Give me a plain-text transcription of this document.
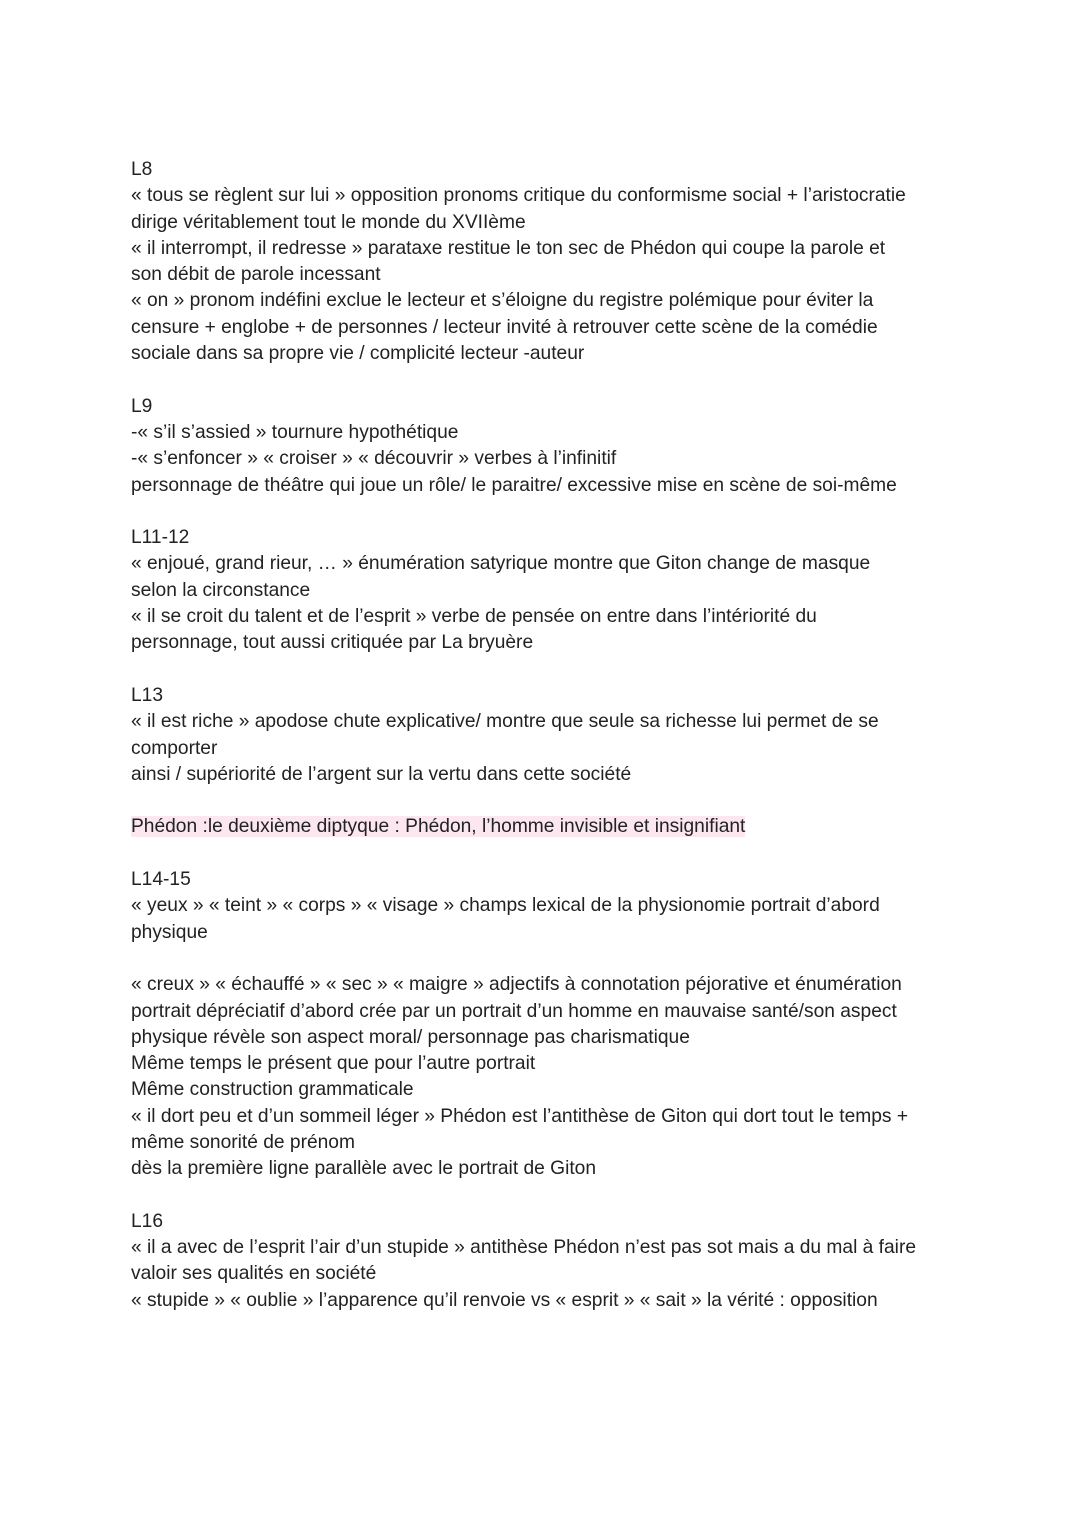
L8
« tous se règlent sur lui » opposition pronoms critique du conformisme social + l’aristocratie
dirige véritablement tout le monde du XVIIème
« il interrompt, il redresse » parataxe restitue le ton sec de Phédon qui coupe la parole et
son débit de parole incessant
« on » pronom indéfini exclue le lecteur et s’éloigne du registre polémique pour éviter la
censure + englobe + de personnes / lecteur invité à retrouver cette scène de la comédie
sociale dans sa propre vie / complicité lecteur -auteur
L9
-« s’il s’assied » tournure hypothétique
-« s’enfoncer » « croiser » « découvrir » verbes à l’infinitif
personnage de théâtre qui joue un rôle/ le paraitre/ excessive mise en scène de soi-même
L11-12
« enjoué, grand rieur, … » énumération satyrique montre que Giton change de masque
selon la circonstance
« il se croit du talent et de l’esprit » verbe de pensée on entre dans l’intériorité du
personnage, tout aussi critiquée par La bryuère
L13
« il est riche » apodose chute explicative/ montre que seule sa richesse lui permet de se
comporter
ainsi / supériorité de l’argent sur la vertu dans cette société
Phédon :le deuxième diptyque : Phédon, l’homme invisible et insignifiant
L14-15
« yeux » « teint » « corps » « visage » champs lexical de la physionomie portrait d’abord
physique
« creux » « échauffé » « sec » « maigre » adjectifs à connotation péjorative et énumération
portrait dépréciatif d’abord crée par un portrait d’un homme en mauvaise santé/son aspect
physique révèle son aspect moral/ personnage pas charismatique
Même temps le présent que pour l’autre portrait
Même construction grammaticale
« il dort peu et d’un sommeil léger » Phédon est l’antithèse de Giton qui dort tout le temps +
même sonorité de prénom
dès la première ligne parallèle avec le portrait de Giton
L16
« il a avec de l’esprit l’air d’un stupide » antithèse Phédon n’est pas sot mais a du mal à faire
valoir ses qualités en société
« stupide » « oublie » l’apparence qu’il renvoie vs « esprit » « sait » la vérité : opposition
